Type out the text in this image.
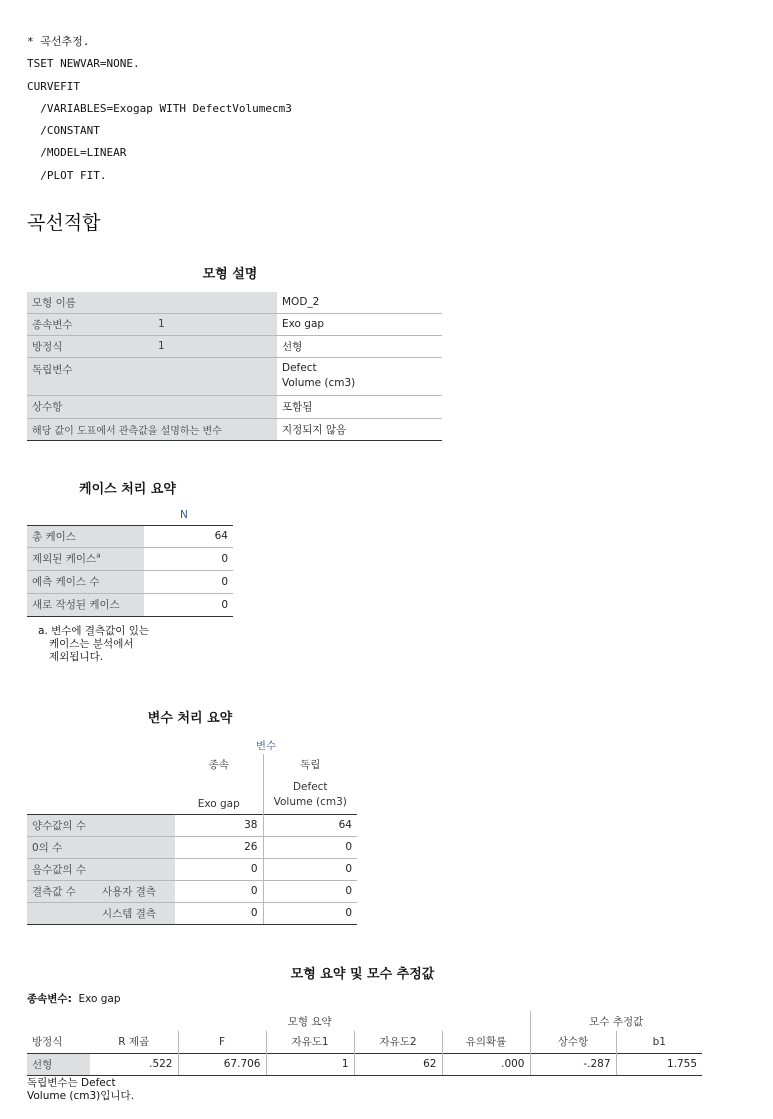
* 곡선추정.
TSET NEWVAR=NONE.
CURVEFIT
/VARIABLES=Exogap WITH DefectVolumecm3
/CONSTANT
/MODEL=LINEAR
/PLOT FIT.
곡선적합
모형 설명
모형 이름		MOD_2
종속변수	1	Exo gap
방정식	1	선형
독립변수		Defect
Volume (cm3)
상수항		포함됨
해당 값이 도표에서 관측값을 설명하는 변수		지정되지 않음
케이스 처리 요약
	N
총 케이스	64
제외된 케이스$^a$	0
예측 케이스 수	0
새로 작성된 케이스	0
a. 변수에 결측값이 있는
케이스는 분석에서
제외됩니다.
변수 처리 요약
		변수	
		종속	독립
		Exo gap	Defect
Volume (cm3)
양수값의 수		38	64
0의 수		26	0
음수값의 수		0	0
결측값 수	사용자 결측	0	0
	시스템 결측	0	0
모형 요약 및 모수 추정값
종속변수: Exo gap
	모형 요약					모수 추정값	
방정식	R 제곱	F	자유도1	자유도2	유의확률	상수항	b1
선형	.522	67.706	1	62	.000	-.287	1.755
독립변수는 Defect
Volume (cm3)입니다.
